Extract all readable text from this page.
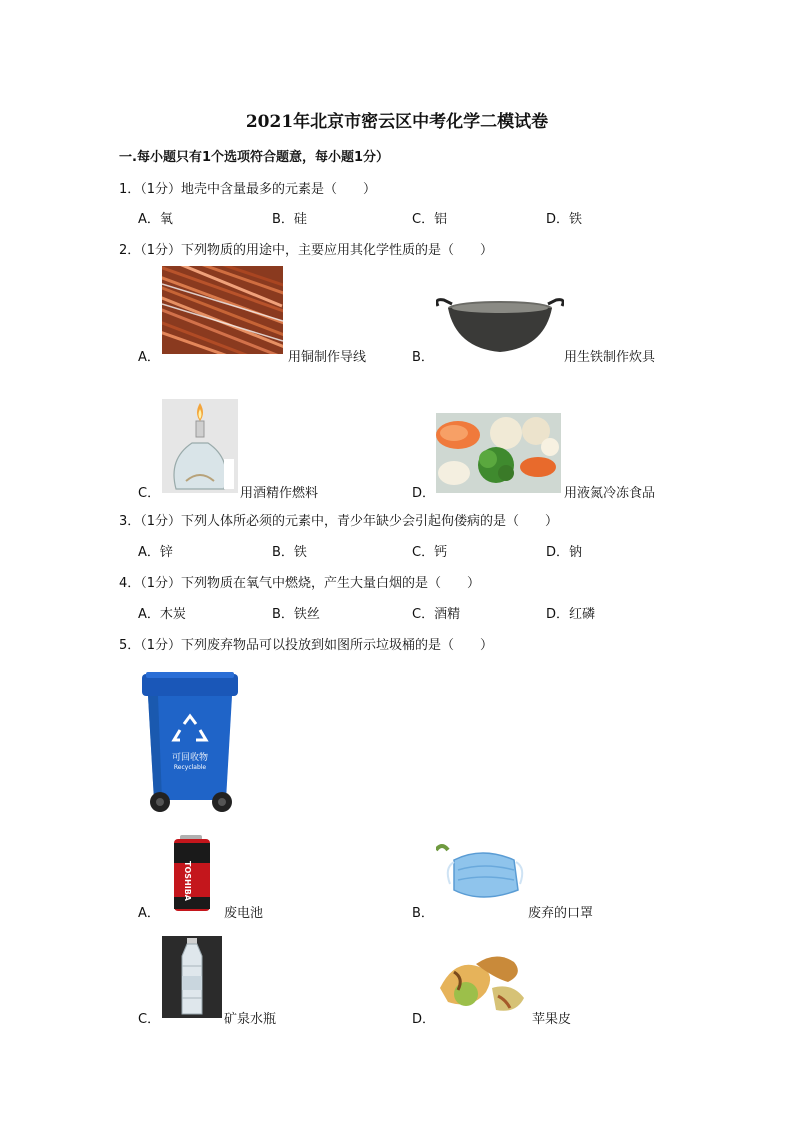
2021年北京市密云区中考化学二模试卷
一.每小题只有1个选项符合题意，每小题1分）
1．（1分）地壳中含量最多的元素是（　　）
A．氧	B．硅	C．铝	D．铁
2．（1分）下列物质的用途中，主要应用其化学性质的是（　　）
A．	用铜制作导线	B．	用生铁制作炊具
C．	用酒精作燃料	D．	用液氮冷冻食品
3．（1分）下列人体所必须的元素中，青少年缺少会引起佝偻病的是（　　）
A．锌	B．铁	C．钙	D．钠
4．（1分）下列物质在氧气中燃烧，产生大量白烟的是（　　）
A．木炭	B．铁丝	C．酒精	D．红磷
5．（1分）下列废弃物品可以投放到如图所示垃圾桶的是（　　）
可回收物
Recyclable
TOSHIBA
A．	废电池	B．	废弃的口罩
C．	矿泉水瓶	D．	苹果皮
